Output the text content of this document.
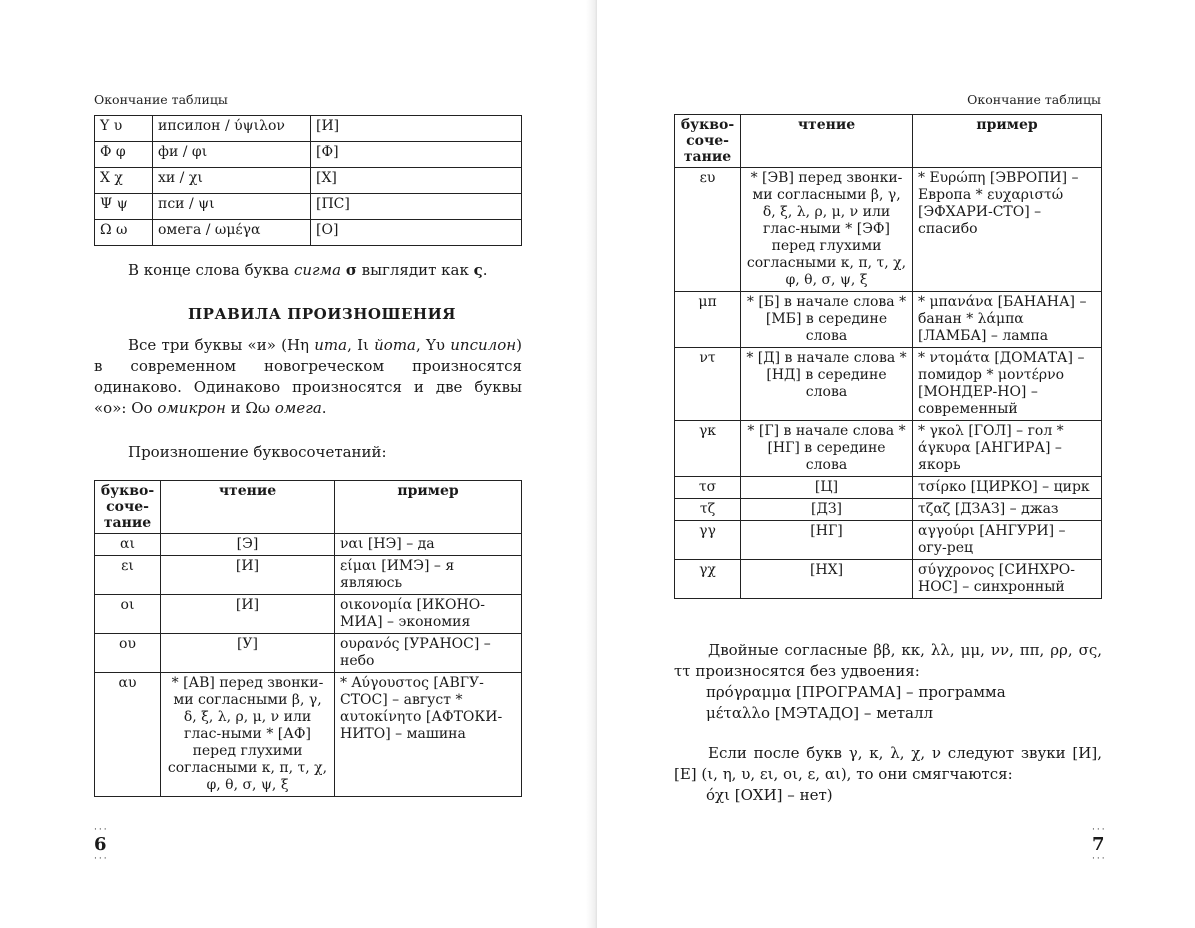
Окончание таблицы
Υ υ	ипсилон / ύψιλον	[И]
Φ φ	фи / φι	[Ф]
Χ χ	хи / χι	[Х]
Ψ ψ	пси / ψι	[ПС]
Ω ω	омега / ωμέγα	[О]

В конце слова буква сигма σ выглядит как ς.

ПРАВИЛА ПРОИЗНОШЕНИЯ

Все три буквы «и» (Ηη ита, Ιι йота, Υυ ипсилон) в современном новогреческом произносятся одинаково. Одинаково произносятся и две буквы «о»: Οο омикрон и Ωω омега.

Произношение буквосочетаний:

букво-соче-тание	чтение	пример
αι	[Э]	ναι [НЭ] – да
ει	[И]	είμαι [ИМЭ] – я являюсь
οι	[И]	οικονομία [ИКОНО-МИА] – экономия
ου	[У]	ουρανός [УРАНОС] – небо
αυ	* [АВ] перед звонки-ми согласными β, γ, δ, ξ, λ, ρ, μ, ν или глас-ными * [АФ] перед глухими согласными κ, π, τ, χ, φ, θ, σ, ψ, ξ	* Αύγουστος [АВГУ-СТОС] – август * αυτοκίνητο [АФТОКИ-НИТО] – машина
···
6
···
Окончание таблицы
букво-соче-тание	чтение	пример
ευ	* [ЭВ] перед звонки-ми согласными β, γ, δ, ξ, λ, ρ, μ, ν или глас-ными * [ЭФ] перед глухими согласными κ, π, τ, χ, φ, θ, σ, ψ, ξ	* Ευρώπη [ЭВРОПИ] – Европа * ευχαριστώ [ЭФХАРИ-СТО] – спасибо
μπ	* [Б] в начале слова * [МБ] в середине слова	* μπανάνα [БАНАНА] – банан * λάμπα [ЛАМБА] – лампа
ντ	* [Д] в начале слова * [НД] в середине слова	* ντομάτα [ДОМАТА] – помидор * μοντέρνο [МОНДЕР-НО] – современный
γκ	* [Г] в начале слова * [НГ] в середине слова	* γκολ [ГОЛ] – гол * άγκυρα [АНГИРА] – якорь
τσ	[Ц]	τσίρκο [ЦИРКО] – цирк
τζ	[ДЗ]	τζαζ [ДЗАЗ] – джаз
γγ	[НГ]	αγγούρι [АНГУРИ] – огу-рец
γχ	[НХ]	σύγχρονος [СИНХРО-НОС] – синхронный

Двойные согласные ββ, κκ, λλ, μμ, νν, ππ, ρρ, σς, ττ произносятся без удвоения:

πρόγραμμα [ПРОГРАМА] – программа
μέταλλο [МЭТАДО] – металл

Если после букв γ, κ, λ, χ, ν следуют звуки [И], [Е] (ι, η, υ, ει, οι, ε, αι), то они смягчаются:

όχι [ОХИ] – нет)
···
7
···
